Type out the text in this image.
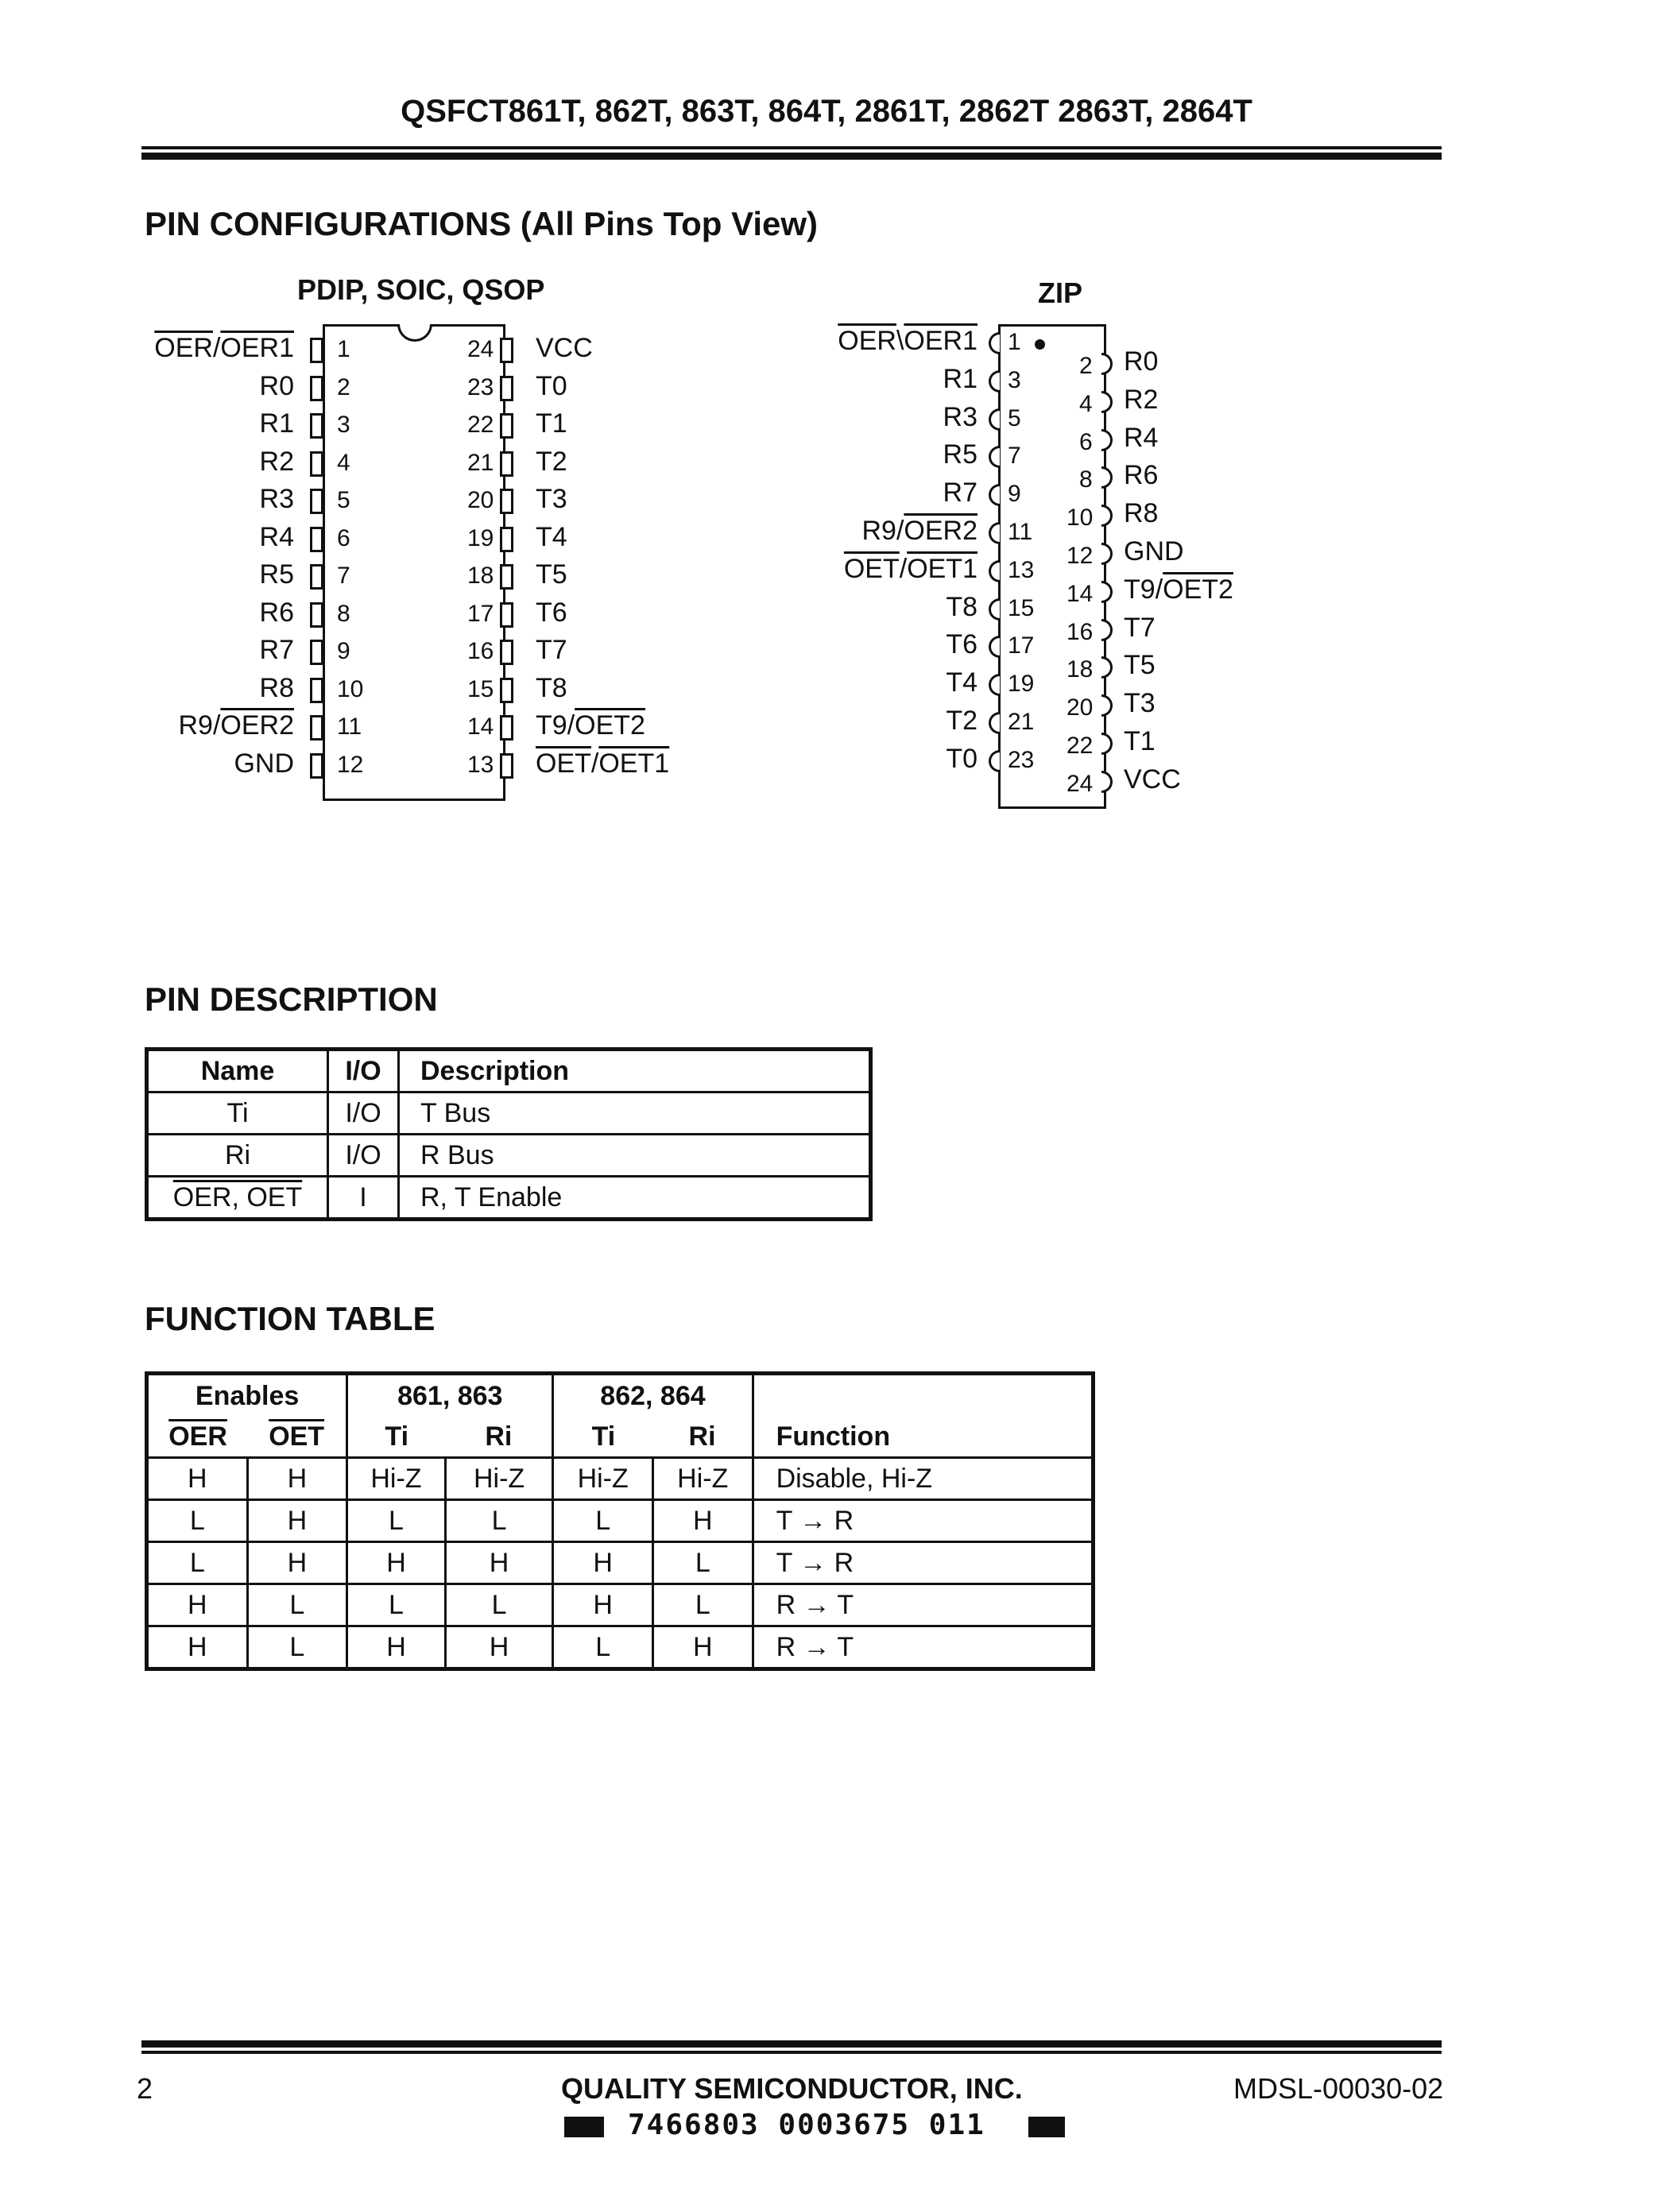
QSFCT861T, 862T, 863T, 864T, 2861T, 2862T 2863T, 2864T
PIN CONFIGURATIONS (All Pins Top View)
PDIP, SOIC, QSOP	ZIP
1
$\overline{OER}/OER1$
2
R0
3
R1
4
R2
5
R3
6
R4
7
R5
8
R6
9
R7
10
R8
11
R9/OER2
12
GND
24 VCC
23 T0
22 T1
21 T2
20 T3
19 T4
18 T5
17 T6
16 T7
15 T8
14 T9/OET2
13 $\overline{OET}/OET1$
1
$\overline{OER}\backslash OER1$
3
R1
5
R3
7
R5
9
R7
11
R9/OER2
13
$\overline{OET}/OET1$
15
T8
17
T6
19
T4
21
T2
23
T0
2 R0
4 R2
6 R4
8 R6
10 R8
12 GND
14 T9/OET2
16 T7
18 T5
20 T3
22 T1
24 VCC
PIN DESCRIPTION
Name	I/O	Description
Ti	I/O	T Bus
Ri	I/O	R Bus
OER, OET	I	R, T Enable
FUNCTION TABLE
Enables		861, 863		862, 864		
$\overline{OER}$	$\overline{OET}$	Ti	Ri	Ti	Ri	Function
H	H	Hi-Z	Hi-Z	Hi-Z	Hi-Z	Disable, Hi-Z
L	H	L	L	L	H	T → R
L	H	H	H	H	L	T → R
H	L	L	L	H	L	R → T
H	L	H	H	L	H	R → T
2	QUALITY SEMICONDUCTOR, INC.	MDSL-00030-02
7466803 0003675 011
